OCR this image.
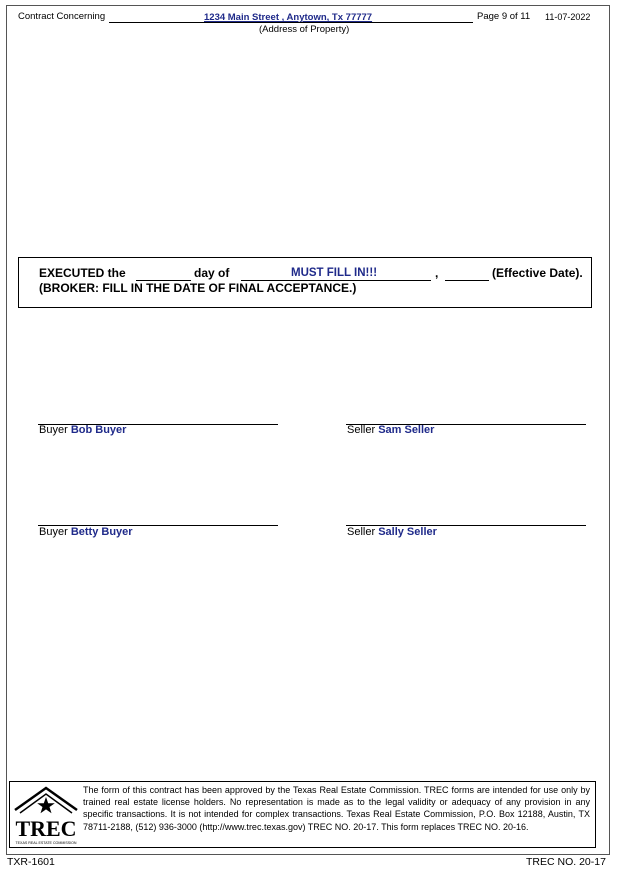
Contract Concerning	1234 Main Street , Anytown, Tx 77777
(Address of Property)
Page 9 of 11 11-07-2022
EXECUTED the	day of	MUST FILL IN!!!	,	(Effective Date).
(BROKER: FILL IN THE DATE OF FINAL ACCEPTANCE.)
Buyer Bob Buyer	Seller Sam Seller
Buyer Betty Buyer	Seller Sally Seller
TREC
TEXAS REAL ESTATE COMMISSION
The form of this contract has been approved by the Texas Real Estate Commission. TREC forms are intended for use only by trained real estate license holders. No representation is made as to the legal validity or adequacy of any provision in any specific transactions. It is not intended for complex transactions. Texas Real Estate Commission, P.O. Box 12188, Austin, TX 78711-2188, (512) 936-3000 (http://www.trec.texas.gov) TREC NO. 20-17. This form replaces TREC NO. 20-16.
TXR-1601	TREC NO. 20-17
